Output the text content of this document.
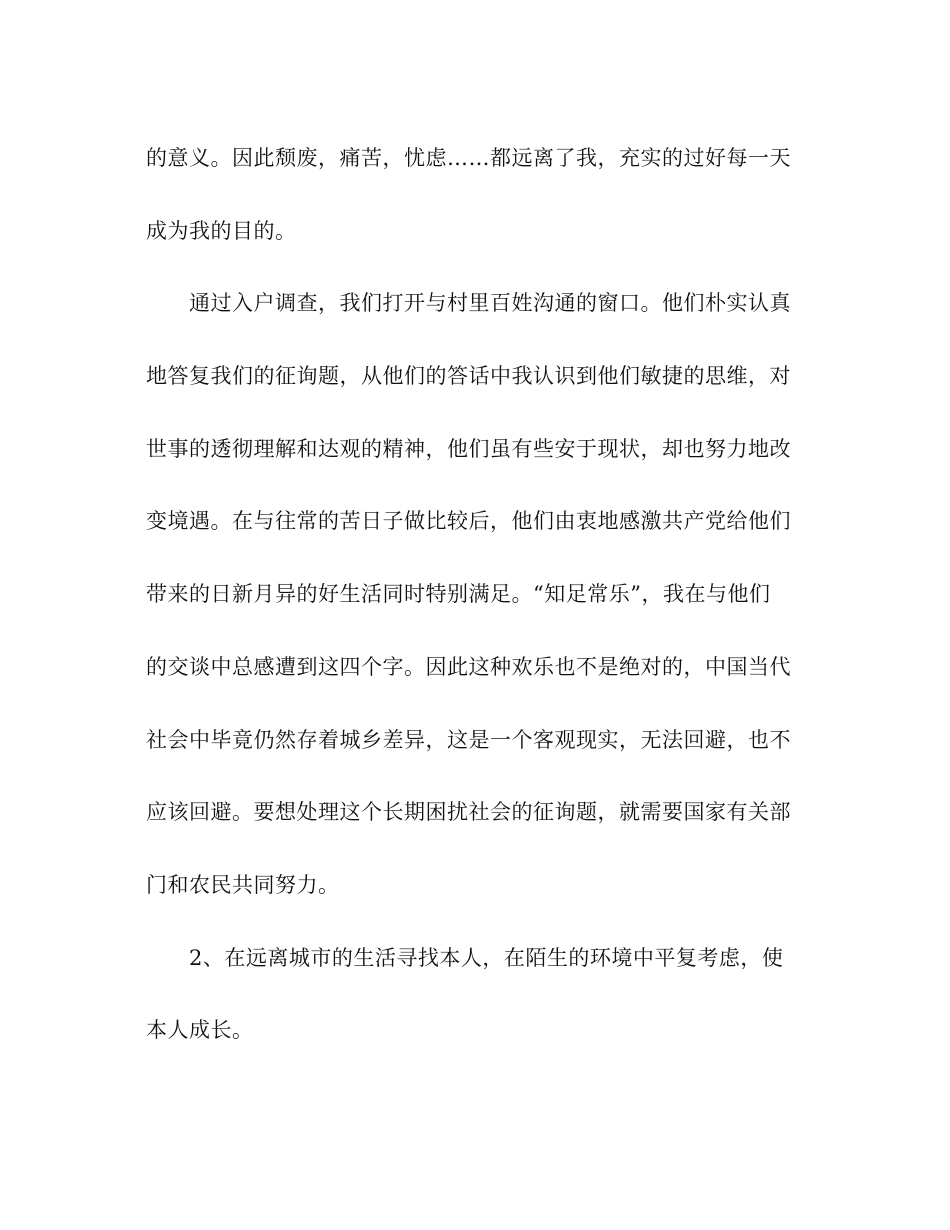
的意义。因此颓废，痛苦，忧虑……都远离了我，充实的过好每一天
成为我的目的。
　　通过入户调查，我们打开与村里百姓沟通的窗口。他们朴实认真
地答复我们的征询题，从他们的答话中我认识到他们敏捷的思维，对
世事的透彻理解和达观的精神，他们虽有些安于现状，却也努力地改
变境遇。在与往常的苦日子做比较后，他们由衷地感激共产党给他们
带来的日新月异的好生活同时特别满足。“知足常乐”，我在与他们
的交谈中总感遭到这四个字。因此这种欢乐也不是绝对的，中国当代
社会中毕竟仍然存着城乡差异，这是一个客观现实，无法回避，也不
应该回避。要想处理这个长期困扰社会的征询题，就需要国家有关部
门和农民共同努力。
　　2、在远离城市的生活寻找本人，在陌生的环境中平复考虑，使
本人成长。
